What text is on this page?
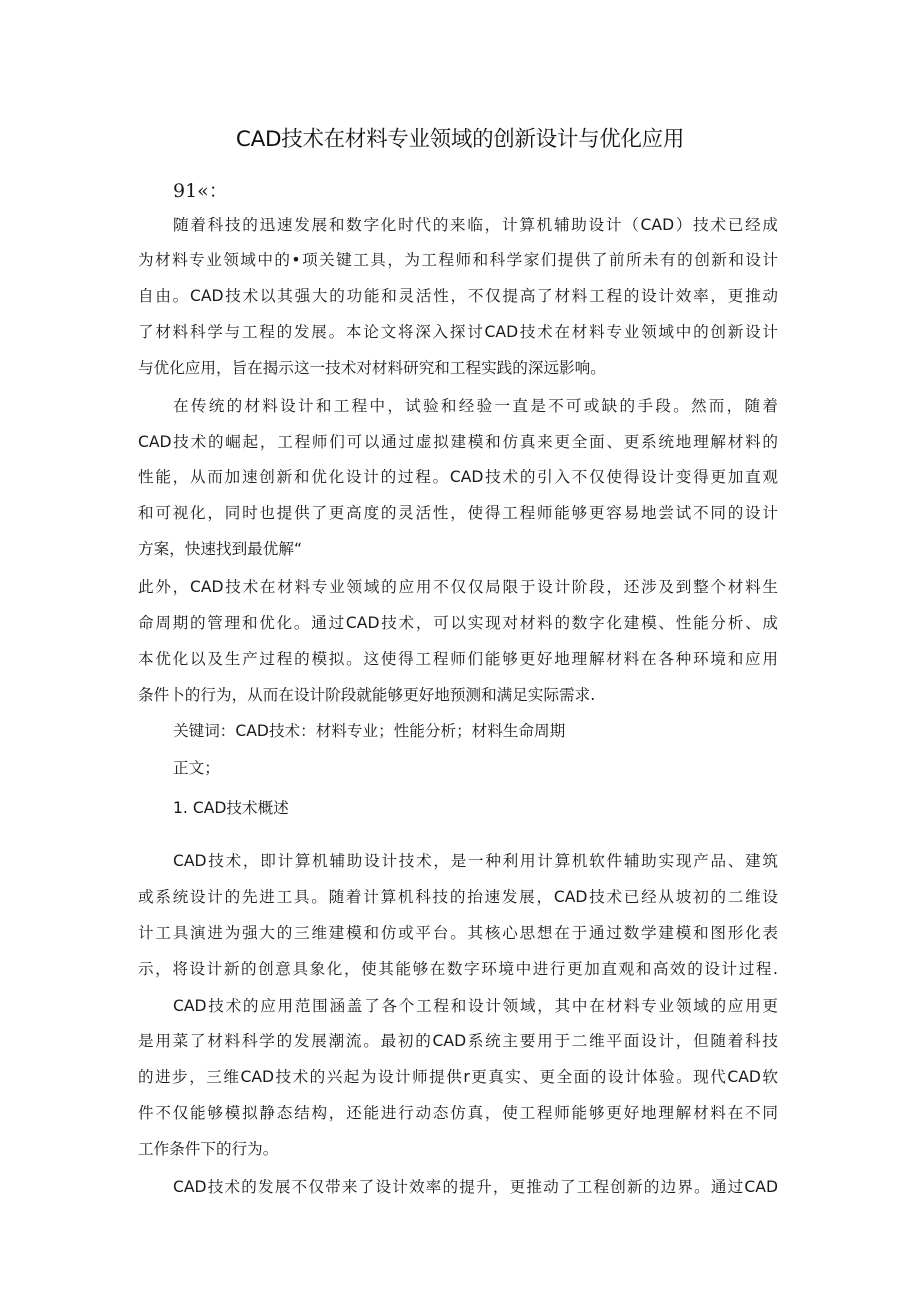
CAD技术在材料专业领域的创新设计与优化应用
91«：
随着科技的迅速发展和数字化时代的来临，计算机辅助设计（CAD）技术已经成
为材料专业领域中的•项关键工具，为工程师和科学家们提供了前所未有的创新和设计
自由。CAD技术以其强大的功能和灵活性，不仅提高了材料工程的设计效率，更推动
了材料科学与工程的发展。本论文将深入探讨CAD技术在材料专业领域中的创新设计
与优化应用，旨在揭示这一技术对材料研究和工程实践的深远影响。
在传统的材料设计和工程中，试验和经验一直是不可或缺的手段。然而，随着
CAD技术的崛起，工程师们可以通过虚拟建模和仿真来更全面、更系统地理解材料的
性能，从而加速创新和优化设计的过程。CAD技术的引入不仅使得设计变得更加直观
和可视化，同时也提供了更高度的灵活性，使得工程师能够更容易地尝试不同的设计
方案，快速找到最优解“
此外，CAD技术在材料专业领域的应用不仅仅局限于设计阶段，还涉及到整个材料生
命周期的管理和优化。通过CAD技术，可以实现对材料的数字化建模、性能分析、成
本优化以及生产过程的模拟。这使得工程师们能够更好地理解材料在各种环境和应用
条件卜的行为，从而在设计阶段就能够更好地预测和满足实际需求.
关键词：CAD技术：材料专业；性能分析；材料生命周期
正文；
1. CAD技术概述
CAD技术，即计算机辅助设计技术，是一种利用计算机软件辅助实现产品、建筑
或系统设计的先进工具。随着计算机科技的抬速发展，CAD技术已经从坡初的二维设
计工具演进为强大的三维建模和仿或平台。其核心思想在于通过数学建模和图形化表
示，将设计新的创意具象化，使其能够在数字环境中进行更加直观和高效的设计过程.
CAD技术的应用范围涵盖了各个工程和设计领域，其中在材料专业领域的应用更
是用菜了材料科学的发展潮流。最初的CAD系统主要用于二维平面设计，但随着科技
的进步，三维CAD技术的兴起为设计师提供r更真实、更全面的设计体验。现代CAD软
件不仅能够模拟静态结构，还能进行动态仿真，使工程师能够更好地理解材料在不同
工作条件下的行为。
CAD技术的发展不仅带来了设计效率的提升，更推动了工程创新的边界。通过CAD
